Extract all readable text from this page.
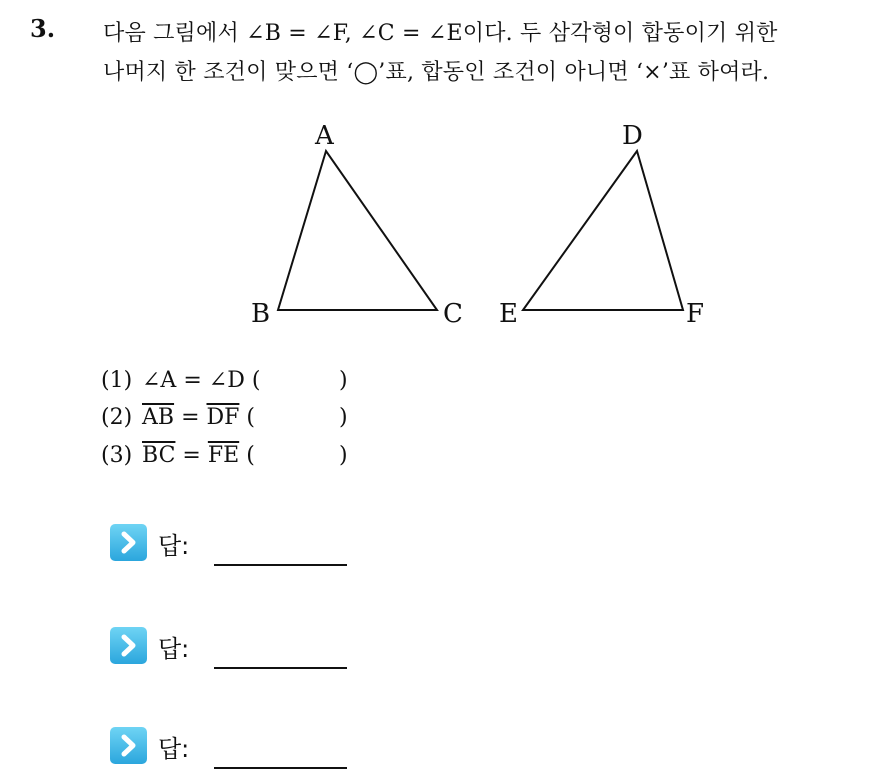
3. 다음 그림에서 ∠B = ∠F, ∠C = ∠E이다. 두 삼각형이 합동이기 위한
나머지 한 조건이 맞으면 ‘◯’표, 합동인 조건이 아니면 ‘×’표 하여라.
A
B	C
D
E	F
(1) ∠A = ∠D (	)
(2) $\overline{AB} = \overline{DF}$ (	)
(3) $\overline{BC} = \overline{FE}$ (	)
답:
답:
답:
